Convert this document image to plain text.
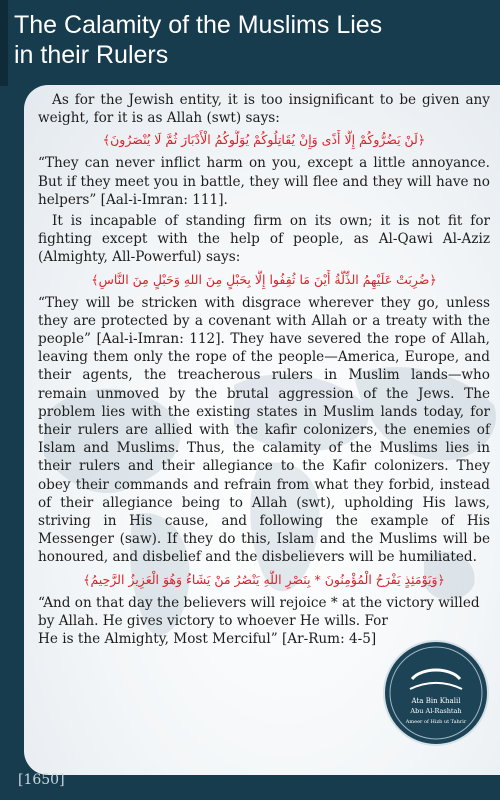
The Calamity of the Muslims Lies
in their Rulers

As for the Jewish entity, it is too insignificant to be given any weight, for it is as Allah (swt) says:

﴿لَنْ يَضُرُّوكُمْ إِلَّا أَذًى وَإِنْ يُقَاتِلُوكُمْ يُوَلُّوكُمُ الْأَدْبَارَ ثُمَّ لَا يُنْصَرُونَ﴾

“They can never inflict harm on you, except a little annoyance. But if they meet you in battle, they will flee and they will have no helpers” [Aal-i-Imran: 111].

It is incapable of standing firm on its own; it is not fit for fighting except with the help of people, as Al-Qawi Al-Aziz (Almighty, All-Powerful) says:

﴿ضُرِبَتْ عَلَيْهِمُ الذِّلَّةُ أَيْنَ مَا ثُقِفُوا إِلَّا بِحَبْلٍ مِنَ اللهِ وَحَبْلٍ مِنَ النَّاسِ﴾

“They will be stricken with disgrace wherever they go, unless they are protected by a covenant with Allah or a treaty with the people” [Aal-i-Imran: 112]. They have severed the rope of Allah, leaving them only the rope of the people—America, Europe, and their agents, the treacherous rulers in Muslim lands—who remain unmoved by the brutal aggression of the Jews. The problem lies with the existing states in Muslim lands today, for their rulers are allied with the kafir colonizers, the enemies of Islam and Muslims. Thus, the calamity of the Muslims lies in their rulers and their allegiance to the Kafir colonizers. They obey their commands and refrain from what they forbid, instead of their allegiance being to Allah (swt), upholding His laws, striving in His cause, and following the example of His Messenger (saw). If they do this, Islam and the Muslims will be honoured, and disbelief and the disbelievers will be humiliated.

﴿وَيَوْمَئِذٍ يَفْرَحُ الْمُؤْمِنُونَ * بِنَصْرِ اللَّهِ يَنْصُرُ مَنْ يَشَاءُ وَهُوَ الْعَزِيزُ الرَّحِيمُ﴾

“And on that day the believers will rejoice * at the victory willed by Allah. He gives victory to whoever He wills. For
He is the Almighty, Most Merciful” [Ar-Rum: 4-5]

Ata Bin Khalil
Abu Al-Rashtah
Ameer of Hizb ut Tahrir
[1650]
